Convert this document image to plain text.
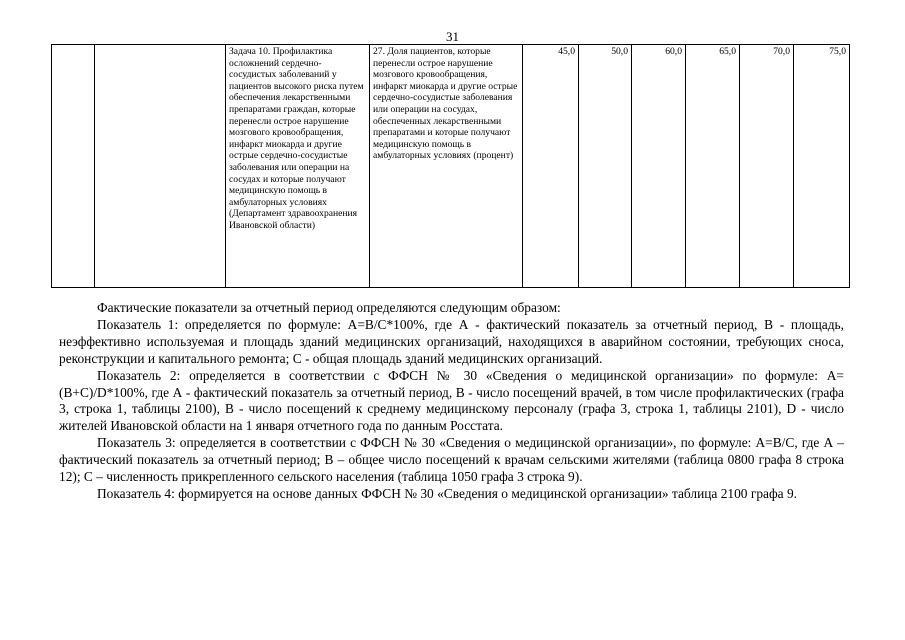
31
		Задача 10. Профилактика осложнений сердечно-сосудистых заболеваний у пациентов высокого риска путем обеспечения лекарственными препаратами граждан, которые перенесли острое нарушение мозгового кровообращения, инфаркт миокарда и другие острые сердечно-сосудистые заболевания или операции на сосудах и которые получают медицинскую помощь в амбулаторных условиях (Департамент здравоохранения Ивановской области)	27. Доля пациентов, которые перенесли острое нарушение мозгового кровообращения, инфаркт миокарда и другие острые сердечно-сосудистые заболевания или операции на сосудах, обеспеченных лекарственными препаратами и которые получают медицинскую помощь в амбулаторных условиях (процент)	45,0	50,0	60,0	65,0	70,0	75,0

Фактические показатели за отчетный период определяются следующим образом:

Показатель 1: определяется по формуле: A=B/C*100%, где А - фактический показатель за отчетный период, В - площадь, неэффективно используемая и площадь зданий медицинских организаций, находящихся в аварийном состоянии, требующих сноса, реконструкции и капитального ремонта; С - общая площадь зданий медицинских организаций.

Показатель 2: определяется в соответствии с ФФСН № 30 «Сведения о медицинской организации» по формуле: A=(B+C)/D*100%, где А - фактический показатель за отчетный период, В - число посещений врачей, в том числе профилактических (графа 3, строка 1, таблицы 2100), В - число посещений к среднему медицинскому персоналу (графа 3, строка 1, таблицы 2101), D - число жителей Ивановской области на 1 января отчетного года по данным Росстата.

Показатель 3: определяется в соответствии с ФФСН № 30 «Сведения о медицинской организации», по формуле: A=B/C, где А – фактический показатель за отчетный период; В – общее число посещений к врачам сельскими жителями (таблица 0800 графа 8 строка 12); С – численность прикрепленного сельского населения (таблица 1050 графа 3 строка 9).

Показатель 4: формируется на основе данных ФФСН № 30 «Сведения о медицинской организации» таблица 2100 графа 9.
